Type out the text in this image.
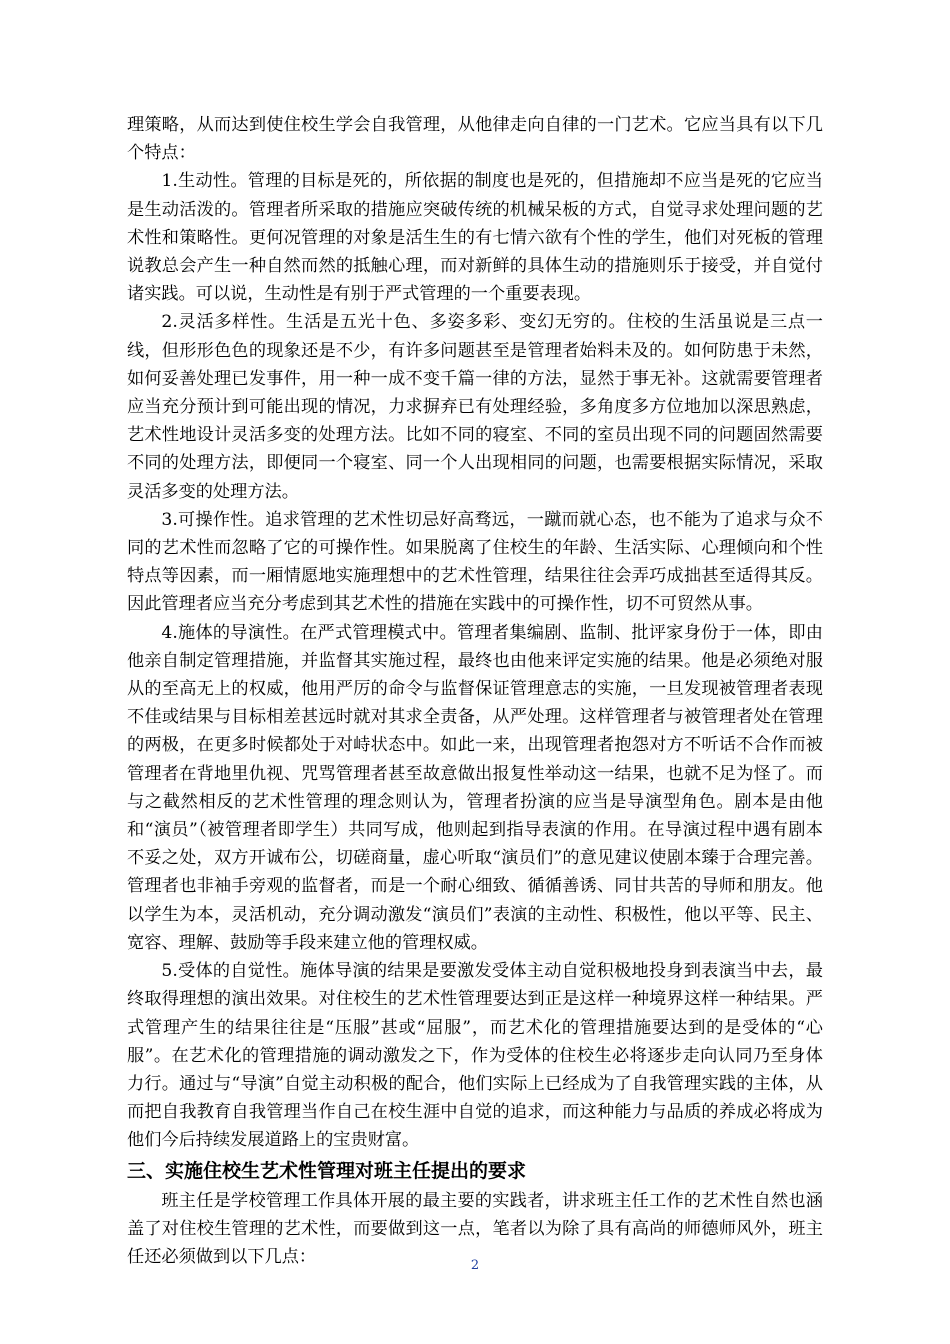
理策略，从而达到使住校生学会自我管理，从他律走向自律的一门艺术。它应当具有以下几个特点：

1.生动性。管理的目标是死的，所依据的制度也是死的，但措施却不应当是死的它应当是生动活泼的。管理者所采取的措施应突破传统的机械呆板的方式，自觉寻求处理问题的艺术性和策略性。更何况管理的对象是活生生的有七情六欲有个性的学生，他们对死板的管理说教总会产生一种自然而然的抵触心理，而对新鲜的具体生动的措施则乐于接受，并自觉付诸实践。可以说，生动性是有别于严式管理的一个重要表现。

2.灵活多样性。生活是五光十色、多姿多彩、变幻无穷的。住校的生活虽说是三点一线，但形形色色的现象还是不少，有许多问题甚至是管理者始料未及的。如何防患于未然，如何妥善处理已发事件，用一种一成不变千篇一律的方法，显然于事无补。这就需要管理者应当充分预计到可能出现的情况，力求摒弃已有处理经验，多角度多方位地加以深思熟虑，艺术性地设计灵活多变的处理方法。比如不同的寝室、不同的室员出现不同的问题固然需要不同的处理方法，即便同一个寝室、同一个人出现相同的问题，也需要根据实际情况，采取灵活多变的处理方法。

3.可操作性。追求管理的艺术性切忌好高骛远，一蹴而就心态，也不能为了追求与众不同的艺术性而忽略了它的可操作性。如果脱离了住校生的年龄、生活实际、心理倾向和个性特点等因素，而一厢情愿地实施理想中的艺术性管理，结果往往会弄巧成拙甚至适得其反。因此管理者应当充分考虑到其艺术性的措施在实践中的可操作性，切不可贸然从事。

4.施体的导演性。在严式管理模式中。管理者集编剧、监制、批评家身份于一体，即由他亲自制定管理措施，并监督其实施过程，最终也由他来评定实施的结果。他是必须绝对服从的至高无上的权威，他用严厉的命令与监督保证管理意志的实施，一旦发现被管理者表现不佳或结果与目标相差甚远时就对其求全责备，从严处理。这样管理者与被管理者处在管理的两极，在更多时候都处于对峙状态中。如此一来，出现管理者抱怨对方不听话不合作而被管理者在背地里仇视、咒骂管理者甚至故意做出报复性举动这一结果，也就不足为怪了。而与之截然相反的艺术性管理的理念则认为，管理者扮演的应当是导演型角色。剧本是由他和“演员”（被管理者即学生）共同写成，他则起到指导表演的作用。在导演过程中遇有剧本不妥之处，双方开诚布公，切磋商量，虚心听取“演员们”的意见建议使剧本臻于合理完善。管理者也非袖手旁观的监督者，而是一个耐心细致、循循善诱、同甘共苦的导师和朋友。他以学生为本，灵活机动，充分调动激发“演员们”表演的主动性、积极性，他以平等、民主、宽容、理解、鼓励等手段来建立他的管理权威。

5.受体的自觉性。施体导演的结果是要激发受体主动自觉积极地投身到表演当中去，最终取得理想的演出效果。对住校生的艺术性管理要达到正是这样一种境界这样一种结果。严式管理产生的结果往往是“压服”甚或“屈服”，而艺术化的管理措施要达到的是受体的“心服”。在艺术化的管理措施的调动激发之下，作为受体的住校生必将逐步走向认同乃至身体力行。通过与“导演”自觉主动积极的配合，他们实际上已经成为了自我管理实践的主体，从而把自我教育自我管理当作自己在校生涯中自觉的追求，而这种能力与品质的养成必将成为他们今后持续发展道路上的宝贵财富。

三、实施住校生艺术性管理对班主任提出的要求

班主任是学校管理工作具体开展的最主要的实践者，讲求班主任工作的艺术性自然也涵盖了对住校生管理的艺术性，而要做到这一点，笔者以为除了具有高尚的师德师风外，班主任还必须做到以下几点：	2
